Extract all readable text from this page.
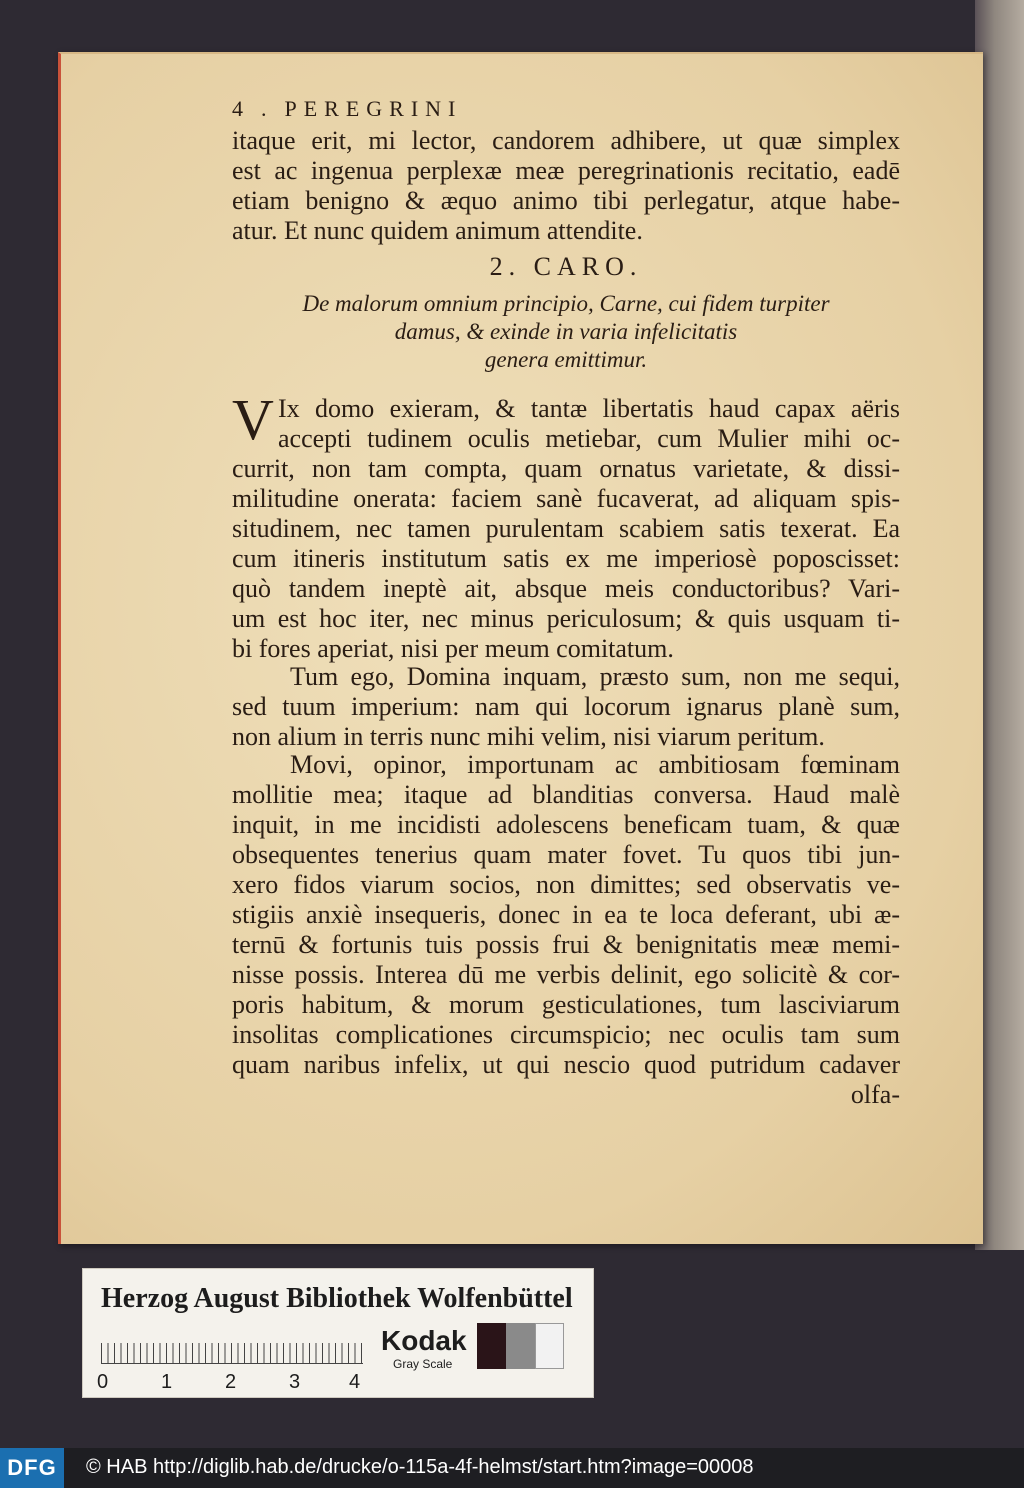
4 . PEREGRINI
itaque erit, mi lector, candorem adhibere, ut quæ simplex
est ac ingenua perplexæ meæ peregrinationis recitatio, eadē
etiam benigno & æquo animo tibi perlegatur, atque habe-
atur. Et nunc quidem animum attendite.
2. CARO.
De malorum omnium principio, Carne, cui fidem turpiter
damus, & exinde in varia infelicitatis
genera emittimur.
V Ix domo exieram, & tantæ libertatis haud capax aëris
accepti tudinem oculis metiebar, cum Mulier mihi oc-
currit, non tam compta, quam ornatus varietate, & dissi-
militudine onerata: faciem sanè fucaverat, ad aliquam spis-
situdinem, nec tamen purulentam scabiem satis texerat. Ea
cum itineris institutum satis ex me imperiosè poposcisset:
quò tandem ineptè ait, absque meis conductoribus? Vari-
um est hoc iter, nec minus periculosum; & quis usquam ti-
bi fores aperiat, nisi per meum comitatum.
Tum ego, Domina inquam, præsto sum, non me sequi,
sed tuum imperium: nam qui locorum ignarus planè sum,
non alium in terris nunc mihi velim, nisi viarum peritum.
Movi, opinor, importunam ac ambitiosam fœminam
mollitie mea; itaque ad blanditias conversa. Haud malè
inquit, in me incidisti adolescens beneficam tuam, & quæ
obsequentes tenerius quam mater fovet. Tu quos tibi jun-
xero fidos viarum socios, non dimittes; sed observatis ve-
stigiis anxiè insequeris, donec in ea te loca deferant, ubi æ-
ternū & fortunis tuis possis frui & benignitatis meæ memi-
nisse possis. Interea dū me verbis delinit, ego solicitè & cor-
poris habitum, & morum gesticulationes, tum lasciviarum
insolitas complicationes circumspicio; nec oculis tam sum
quam naribus infelix, ut qui nescio quod putridum cadaver
olfa-
Herzog August Bibliothek Wolfenbüttel
0	1	2	3 4
Kodak
Gray Scale
DFG	© HAB http://diglib.hab.de/drucke/o-115a-4f-helmst/start.htm?image=00008
